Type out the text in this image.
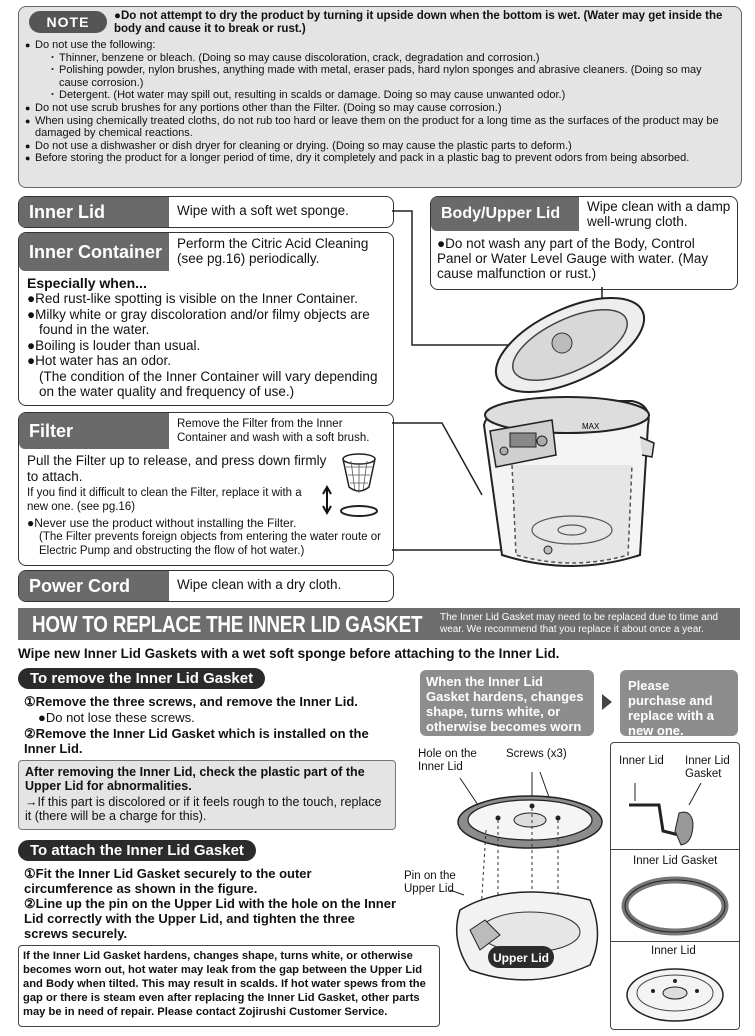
NOTE	●Do not attempt to dry the product by turning it upside down when the bottom is wet. (Water may get inside the body and cause it to break or rust.)
● Do not use the following:
・ Thinner, benzene or bleach. (Doing so may cause discoloration, crack, degradation and corrosion.)
・ Polishing powder, nylon brushes, anything made with metal, eraser pads, hard nylon sponges and abrasive cleaners. (Doing so may cause corrosion.)
・ Detergent. (Hot water may spill out, resulting in scalds or damage. Doing so may cause unwanted odor.)
● Do not use scrub brushes for any portions other than the Filter. (Doing so may cause corrosion.)
● When using chemically treated cloths, do not rub too hard or leave them on the product for a long time as the surfaces of the product may be damaged by chemical reactions.
● Do not use a dishwasher or dish dryer for cleaning or drying. (Doing so may cause the plastic parts to deform.)
● Before storing the product for a longer period of time, dry it completely and pack in a plastic bag to prevent odors from being absorbed.
Inner Lid	Wipe with a soft wet sponge.
Inner Container Perform the Citric Acid Cleaning (see pg.16) periodically.
Especially when...
●Red rust-like spotting is visible on the Inner Container.
●Milky white or gray discoloration and/or filmy objects are found in the water.
●Boiling is louder than usual.
●Hot water has an odor.
(The condition of the Inner Container will vary depending on the water quality and frequency of use.)
Filter	Remove the Filter from the Inner Container and wash with a soft brush.
Pull the Filter up to release, and press down firmly to attach.
If you find it difficult to clean the Filter, replace it with a new one. (see pg.16)
●Never use the product without installing the Filter.
(The Filter prevents foreign objects from entering the water route or Electric Pump and obstructing the flow of hot water.)
Power Cord	Wipe clean with a dry cloth.
Body/Upper Lid Wipe clean with a damp well-wrung cloth.
●Do not wash any part of the Body, Control Panel or Water Level Gauge with water. (May cause malfunction or rust.)
MAX
HOW TO REPLACE THE INNER LID GASKET The Inner Lid Gasket may need to be replaced due to time and wear. We recommend that you replace it about once a year.
Wipe new Inner Lid Gaskets with a wet soft sponge before attaching to the Inner Lid.
To remove the Inner Lid Gasket
①Remove the three screws, and remove the Inner Lid.
●Do not lose these screws.
②Remove the Inner Lid Gasket which is installed on the Inner Lid.
After removing the Inner Lid, check the plastic part of the Upper Lid for abnormalities.
→If this part is discolored or if it feels rough to the touch, replace it (there will be a charge for this).
To attach the Inner Lid Gasket
①Fit the Inner Lid Gasket securely to the outer circumference as shown in the figure.
②Line up the pin on the Upper Lid with the hole on the Inner Lid correctly with the Upper Lid, and tighten the three screws securely.
If the Inner Lid Gasket hardens, changes shape, turns white, or otherwise becomes worn out, hot water may leak from the gap between the Upper Lid and Body when tilted. This may result in scalds. If hot water spews from the gap or there is steam even after replacing the Inner Lid Gasket, other parts may be in need of repair. Please contact Zojirushi Customer Service.
When the Inner Lid Gasket hardens, changes shape, turns white, or otherwise becomes worn out.
Please purchase and replace with a new one.
Hole on the Inner Lid
Screws (x3)
Pin on the Upper Lid
Upper Lid
Inner Lid Inner Lid Gasket
Inner Lid Gasket
Inner Lid
